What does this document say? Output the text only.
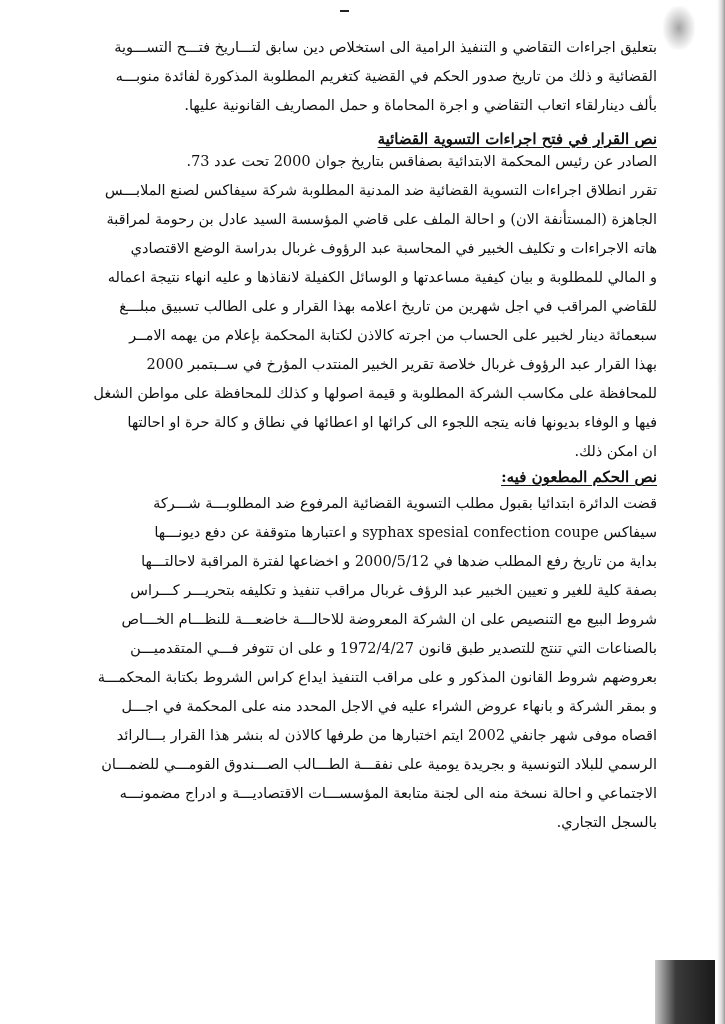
بتعليق اجراءات التقاضي و التنفيذ الرامية الى استخلاص دين سابق لتـــاريخ فتـــح التســـوية
القضائية و ذلك من تاريخ صدور الحكم في القضية كتغريم المطلوبة المذكورة لفائدة منوبـــه
بألف دينارلقاء اتعاب التقاضي و اجرة المحاماة و حمل المصاريف القانونية عليها.
نص القرار في فتح اجراءات التسوية القضائية
الصادر عن رئيس المحكمة الابتدائية بصفاقس بتاريخ جوان 2000 تحت عدد 73.
تقرر انطلاق اجراءات التسوية القضائية ضد المدنية المطلوبة شركة سيفاكس لصنع الملابـــس
الجاهزة (المستأنفة الان) و احالة الملف على قاضي المؤسسة السيد عادل بن رحومة لمراقبة
هاته الاجراءات و تكليف الخبير في المحاسبة عبد الرؤوف غربال بدراسة الوضع الاقتصادي
و المالي للمطلوبة و بيان كيفية مساعدتها و الوسائل الكفيلة لانقاذها و عليه انهاء نتيجة اعماله
للقاضي المراقب في اجل شهرين من تاريخ اعلامه بهذا القرار و على الطالب تسبيق مبلـــغ
سبعمائة دينار لخبير على الحساب من اجرته كالاذن لكتابة المحكمة بإعلام من يهمه الامــر
بهذا القرار عبد الرؤوف غربال خلاصة تقرير الخبير المنتدب المؤرخ في ســبتمبر 2000
للمحافظة على مكاسب الشركة المطلوبة و قيمة اصولها و كذلك للمحافظة على مواطن الشغل
فيها و الوفاء بديونها فانه يتجه اللجوء الى كرائها او اعطائها في نطاق و كالة حرة او احالتها
ان امكن ذلك.
نص الحكم المطعون فيه:
قضت الدائرة ابتدائيا بقبول مطلب التسوية القضائية المرفوع ضد المطلوبـــة شـــركة
سيفاكس syphax spesial confection coupe و اعتبارها متوقفة عن دفع ديونـــها
بداية من تاريخ رفع المطلب ضدها في 2000/5/12 و اخضاعها لفترة المراقبة لاحالتـــها
بصفة كلية للغير و تعيين الخبير عبد الرؤف غربال مراقب تنفيذ و تكليفه بتحريـــر كـــراس
شروط البيع مع التنصيص على ان الشركة المعروضة للاحالـــة خاضعـــة للنظـــام الخـــاص
بالصناعات التي تنتج للتصدير طبق قانون 1972/4/27 و على ان تتوفر فـــي المتقدميـــن
بعروضهم شروط القانون المذكور و على مراقب التنفيذ ايداع كراس الشروط بكتابة المحكمـــة
و بمقر الشركة و بانهاء عروض الشراء عليه في الاجل المحدد منه على المحكمة في اجـــل
اقصاه موفى شهر جانفي 2002 ايتم اختبارها من طرفها كالاذن له بنشر هذا القرار بـــالرائد
الرسمي للبلاد التونسية و بجريدة يومية على نفقـــة الطـــالب الصـــندوق القومـــي للضمـــان
الاجتماعي و احالة نسخة منه الى لجنة متابعة المؤسســـات الاقتصاديـــة و ادراج مضمونـــه
بالسجل التجاري.
